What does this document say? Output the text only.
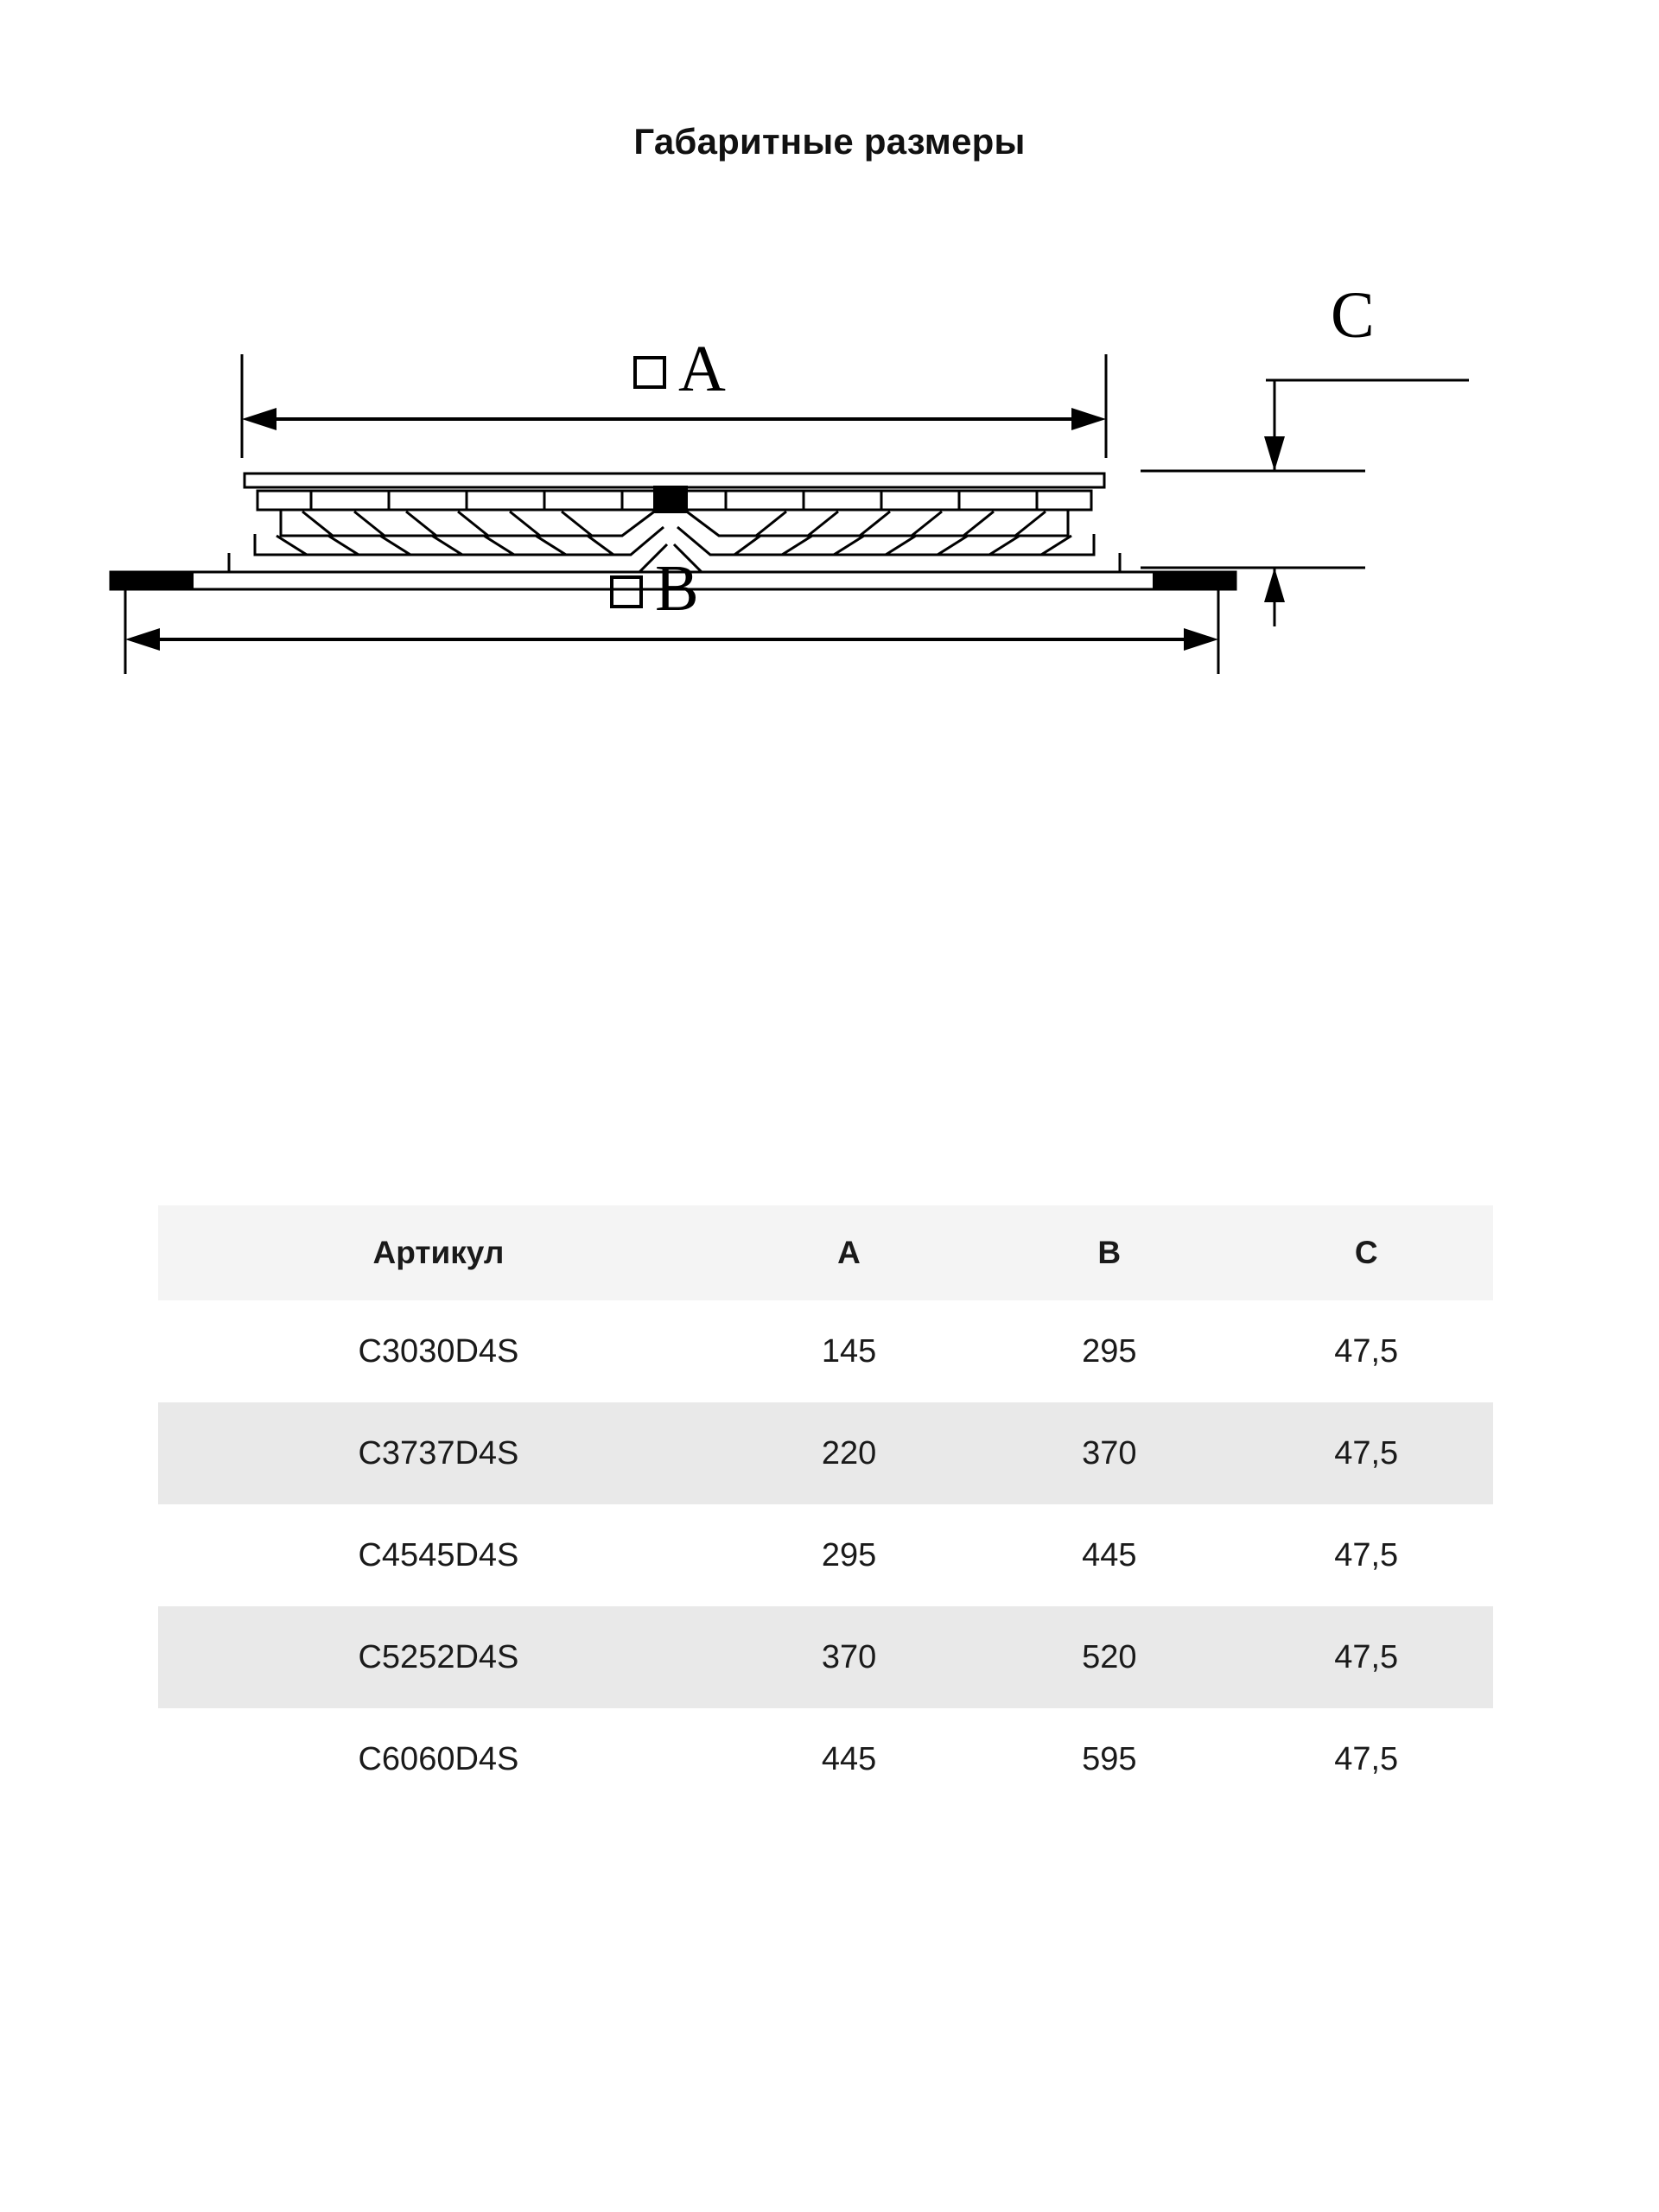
Габаритные размеры
A
B
C
Артикул	A	B	C
C3030D4S	145	295	47,5
C3737D4S	220	370	47,5
C4545D4S	295	445	47,5
C5252D4S	370	520	47,5
C6060D4S	445	595	47,5
